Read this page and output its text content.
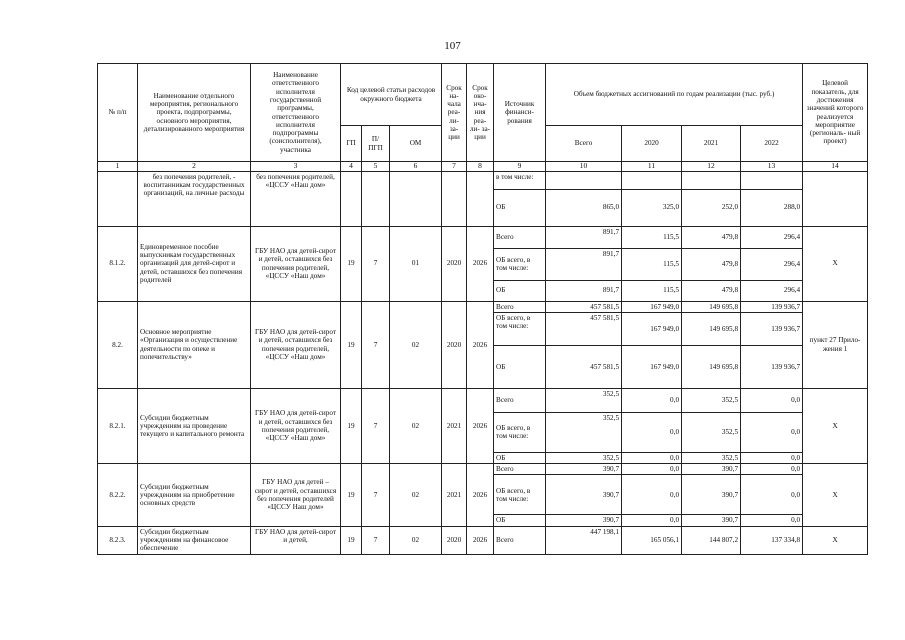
107
№ п/п	Наименование отдельного мероприятия, регионального проекта, подпрограммы, основного мероприятия, детализированного мероприятия	Наименование ответственного исполнителя государственной программы, ответственного исполнителя подпрограммы (соисполнителя), участника	Код целевой статьи расходов окружного бюджета			Срок на- чала реа- ли- за- ции	Срок око- нча- ния реа- ли- за- ции	Источник финанси- рования	Объем бюджетных ассигнований по годам реализации (тыс. руб.)				Целевой показатель, для достижения значений которого реализуется мероприятие (региональ- ный проект)
			ГП	П/ ПГП	ОМ				Всего	2020	2021	2022	
1	2	3	4	5	6	7	8	9	10	11	12	13	14
	без попечения родителей, - воспитанникам государственных организаций, на личные расходы	без попечения родителей, «ЦССУ «Наш дом»						в том числе:					
								ОБ	865,0	325,0	252,0	288,0	
8.1.2.	Единовременное пособие выпускникам государственных организаций для детей-сирот и детей, оставшихся без попечения родителей	ГБУ НАО для детей-сирот и детей, оставшихся без попечения родителей, «ЦССУ «Наш дом»	19	7	01	2020	2026	Всего	891,7	115,5	479,8	296,4	Х
								ОБ всего, в том числе:	891,7	115,5	479,8	296,4	
								ОБ	891,7	115,5	479,8	296,4	
8.2.	Основное мероприятие «Организация и осуществление деятельности по опеке и попечительству»	ГБУ НАО для детей-сирот и детей, оставшихся без попечения родителей, «ЦССУ «Наш дом»	19	7	02	2020	2026	Всего	457 581,5	167 949,0	149 695,8	139 936,7	пункт 27 Прило- жения 1
								ОБ всего, в том числе:	457 581,5	167 949,0	149 695,8	139 936,7	
								ОБ	457 581,5	167 949,0	149 695,8	139 936,7	
8.2.1.	Субсидии бюджетным учреждениям на проведение текущего и капитального ремонта	ГБУ НАО для детей-сирот и детей, оставшихся без попечения родителей, «ЦССУ «Наш дом»	19	7	02	2021	2026	Всего	352,5	0,0	352,5	0,0	Х
								ОБ всего, в том числе:	352,5	0,0	352,5	0,0	
								ОБ	352,5	0,0	352,5	0,0	
8.2.2.	Субсидии бюджетным учреждениям на приобретение основных средств	ГБУ НАО для детей – сирот и детей, оставшихся без попечения родителей «ЦССУ Наш дом»	19	7	02	2021	2026	Всего	390,7	0,0	390,7	0,0	Х
								ОБ всего, в том числе:	390,7	0,0	390,7	0,0	
								ОБ	390,7	0,0	390,7	0,0	
8.2.3.	Субсидии бюджетным учреждениям на финансовое обеспечение	ГБУ НАО для детей-сирот и детей,	19	7	02	2020	2026	Всего	447 198,1	165 056,1	144 807,2	137 334,8	Х
